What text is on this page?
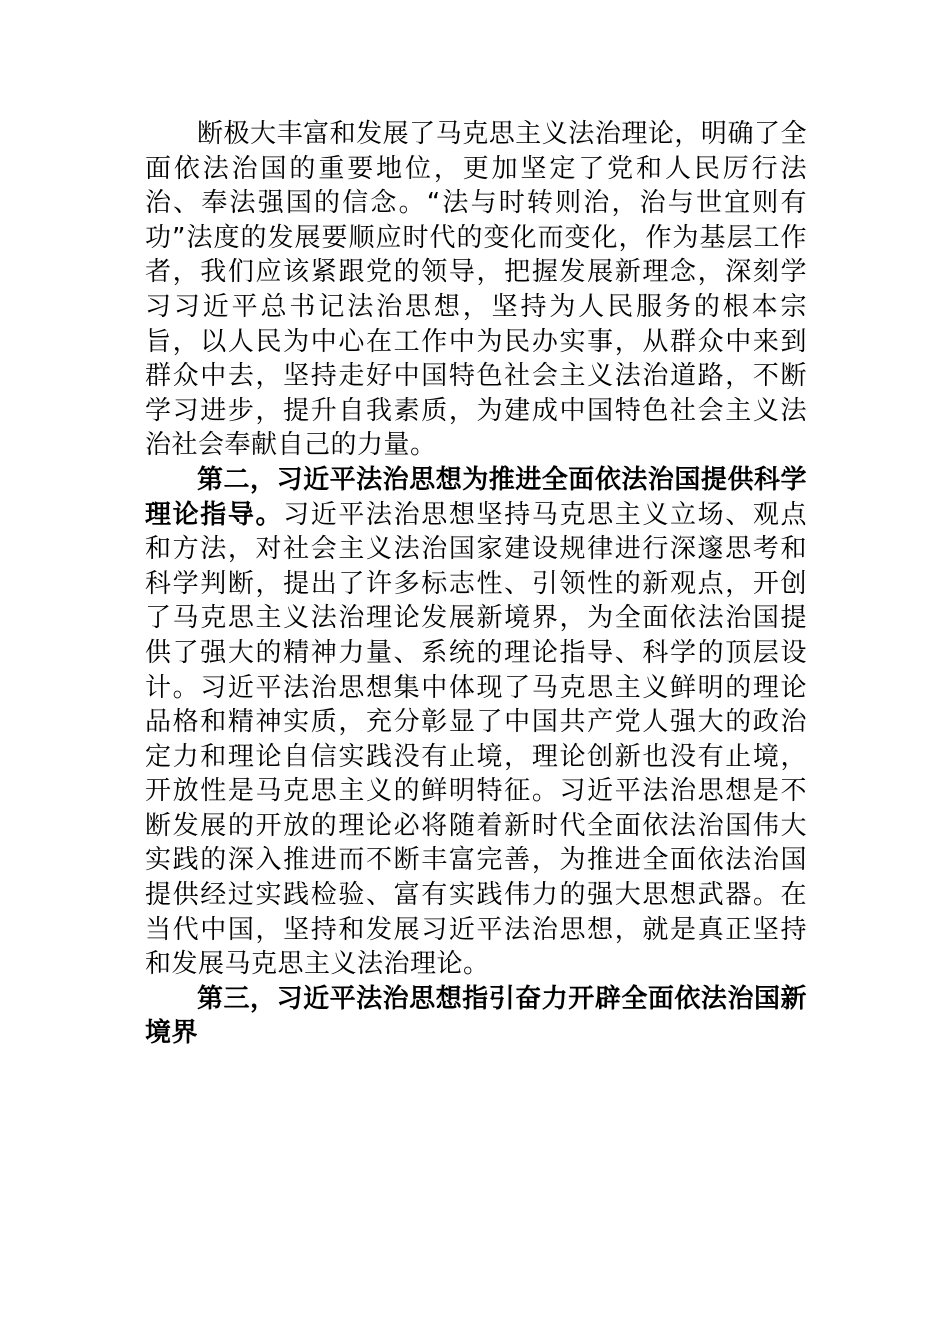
断极大丰富和发展了马克思主义法治理论，明确了全面依法治国的重要地位，更加坚定了党和人民厉行法治、奉法强国的信念。“法与时转则治，治与世宜则有功”法度的发展要顺应时代的变化而变化，作为基层工作者，我们应该紧跟党的领导，把握发展新理念，深刻学习习近平总书记法治思想，坚持为人民服务的根本宗旨，以人民为中心在工作中为民办实事，从群众中来到群众中去，坚持走好中国特色社会主义法治道路，不断学习进步，提升自我素质，为建成中国特色社会主义法治社会奉献自己的力量。

第二，习近平法治思想为推进全面依法治国提供科学理论指导。习近平法治思想坚持马克思主义立场、观点和方法，对社会主义法治国家建设规律进行深邃思考和科学判断，提出了许多标志性、引领性的新观点，开创了马克思主义法治理论发展新境界，为全面依法治国提供了强大的精神力量、系统的理论指导、科学的顶层设计。习近平法治思想集中体现了马克思主义鲜明的理论品格和精神实质，充分彰显了中国共产党人强大的政治定力和理论自信实践没有止境，理论创新也没有止境，开放性是马克思主义的鲜明特征。习近平法治思想是不断发展的开放的理论必将随着新时代全面依法治国伟大实践的深入推进而不断丰富完善，为推进全面依法治国提供经过实践检验、富有实践伟力的强大思想武器。在当代中国，坚持和发展习近平法治思想，就是真正坚持和发展马克思主义法治理论。

第三，习近平法治思想指引奋力开辟全面依法治国新境界
